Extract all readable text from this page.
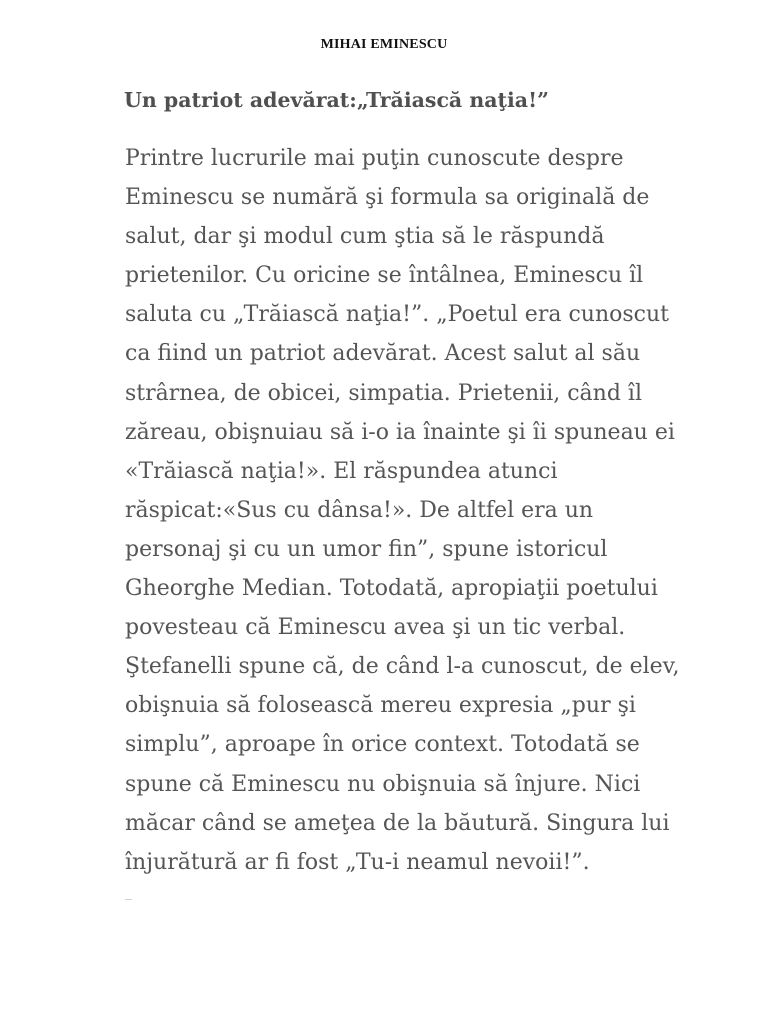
MIHAI EMINESCU
Un patriot adevărat:„Trăiască naţia!”
Printre lucrurile mai puţin cunoscute despre
Eminescu se numără şi formula sa originală de
salut, dar şi modul cum ştia să le răspundă
prietenilor. Cu oricine se întâlnea, Eminescu îl
saluta cu „Trăiască naţia!”. „Poetul era cunoscut
ca fiind un patriot adevărat. Acest salut al său
strârnea, de obicei, simpatia. Prietenii, când îl
zăreau, obişnuiau să i-o ia înainte şi îi spuneau ei
«Trăiască naţia!». El răspundea atunci
răspicat:«Sus cu dânsa!». De altfel era un
personaj şi cu un umor fin”, spune istoricul
Gheorghe Median. Totodată, apropiaţii poetului
povesteau că Eminescu avea şi un tic verbal.
Ştefanelli spune că, de când l-a cunoscut, de elev,
obişnuia să folosească mereu expresia „pur şi
simplu”, aproape în orice context. Totodată se
spune că Eminescu nu obişnuia să înjure. Nici
măcar când se ameţea de la băutură. Singura lui
înjurătură ar fi fost „Tu-i neamul nevoii!”.
